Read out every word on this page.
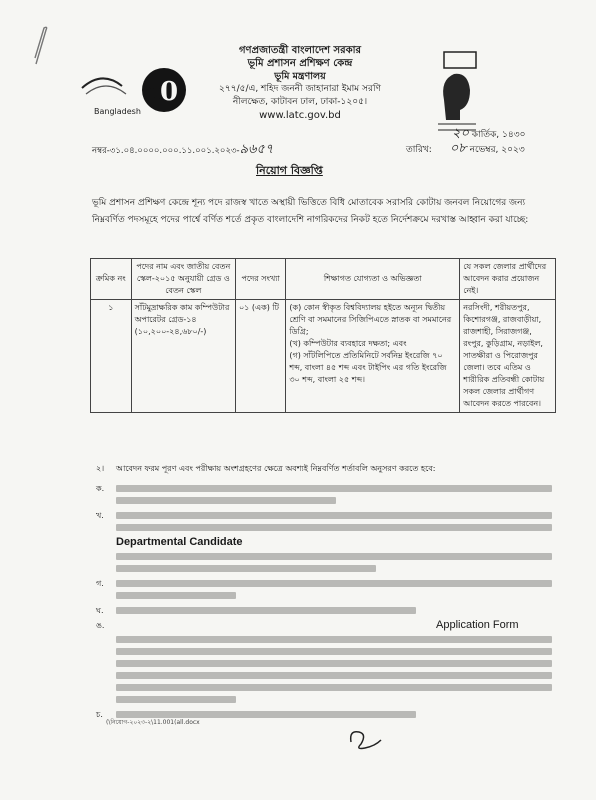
5
0
Bangladesh
গণপ্রজাতন্ত্রী বাংলাদেশ সরকার
ভূমি প্রশাসন প্রশিক্ষণ কেন্দ্র
ভূমি মন্ত্রণালয়
২৭৭/৫/এ, শহিদ জননী জাহানারা ইমাম সরণি
নীলক্ষেত, কাটাবন ঢাল, ঢাকা-১২০৫।
www.latc.gov.bd
নম্বর-৩১.০৪.০০০০.০০০.১১.০০১.২০২৩-৯৬৫৭
২০ কার্তিক, ১৪৩০
তারিখ: ০৮ নভেম্বর, ২০২৩
নিয়োগ বিজ্ঞপ্তি
ভূমি প্রশাসন প্রশিক্ষণ কেন্দ্রে শূন্য পদে রাজস্ব খাতে অস্থায়ী ভিত্তিতে বিধি মোতাবেক সরাসরি কোটায় জনবল নিয়োগের জন্য নিম্নবর্ণিত পদসমূহে পদের পার্শ্বে বর্ণিত শর্তে প্রকৃত বাংলাদেশি নাগরিকদের নিকট হতে নির্দেশক্রমে দরখাস্ত আহ্বান করা যাচ্ছে:
ক্রমিক নং	পদের নাম এবং জাতীয় বেতন স্কেল-২০১৫ অনুযায়ী গ্রেড ও বেতন স্কেল	পদের সংখ্যা	শিক্ষাগত যোগ্যতা ও অভিজ্ঞতা	যে সকল জেলার প্রার্থীদের আবেদন করার প্রয়োজন নেই।
১	সাঁটমুদ্রাক্ষরিক কাম কম্পিউটার অপারেটর গ্রেড-১৪ (১০,২০০-২৪,৬৮০/-)	০১ (এক) টি	(ক) কোন স্বীকৃত বিশ্ববিদ্যালয় হইতে অন্যূন দ্বিতীয় শ্রেণি বা সমমানের সিজিপিএতে স্নাতক বা সমমানের ডিগ্রি;
(খ) কম্পিউটার ব্যবহারে দক্ষতা; এবং
(গ) সাঁটলিপিতে প্রতিমিনিটে সর্বনিম্ন ইংরেজি ৭০ শব্দ, বাংলা ৪৫ শব্দ এবং টাইপিং এর গতি ইংরেজি ৩০ শব্দ, বাংলা ২৫ শব্দ।	নরসিংদী, শরীয়তপুর, কিশোরগঞ্জ, রাজবাড়ীয়া, রাজশাহী, সিরাজগঞ্জ, রংপুর, কুড়িগ্রাম, নড়াইল, সাতক্ষীরা ও পিরোজপুর জেলা। তবে এতিম ও শারীরিক প্রতিবন্ধী কোটায় সকল জেলার প্রার্থীগণ আবেদন করতে পারবেন।
২। আবেদন ফরম পূরণ এবং পরীক্ষায় অংশগ্রহণের ক্ষেত্রে অবশ্যই নিম্নবর্ণিত শর্তাবলি অনুসরণ করতে হবে:
ক.
খ.
Departmental Candidate
গ.
ঘ.
ঙ.	Application Form
চ.
(\নিয়োগ-২০২৩-২\11.001(all.docx
